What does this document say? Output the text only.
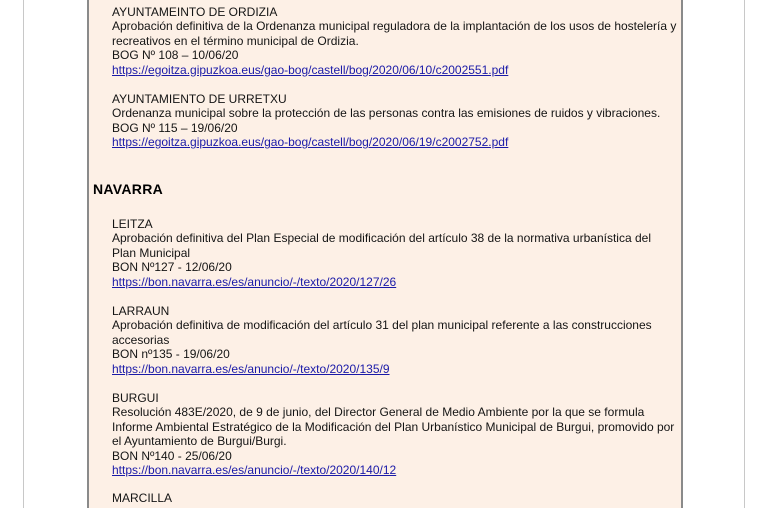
AYUNTAMEINTO DE ORDIZIA
Aprobación definitiva de la Ordenanza municipal reguladora de la implantación de los usos de hostelería y recreativos en el término municipal de Ordizia.
BOG Nº 108 – 10/06/20
https://egoitza.gipuzkoa.eus/gao-bog/castell/bog/2020/06/10/c2002551.pdf
AYUNTAMIENTO DE URRETXU
Ordenanza municipal sobre la protección de las personas contra las emisiones de ruidos y vibraciones.
BOG Nº 115 – 19/06/20
https://egoitza.gipuzkoa.eus/gao-bog/castell/bog/2020/06/19/c2002752.pdf
NAVARRA
LEITZA
Aprobación definitiva del Plan Especial de modificación del artículo 38 de la normativa urbanística del Plan Municipal
BON Nº127 - 12/06/20
https://bon.navarra.es/es/anuncio/-/texto/2020/127/26
LARRAUN
Aprobación definitiva de modificación del artículo 31 del plan municipal referente a las construcciones accesorias
BON nº135 - 19/06/20
https://bon.navarra.es/es/anuncio/-/texto/2020/135/9
BURGUI
Resolución 483E/2020, de 9 de junio, del Director General de Medio Ambiente por la que se formula Informe Ambiental Estratégico de la Modificación del Plan Urbanístico Municipal de Burgui, promovido por el Ayuntamiento de Burgui/Burgi.
BON Nº140 - 25/06/20
https://bon.navarra.es/es/anuncio/-/texto/2020/140/12
MARCILLA
